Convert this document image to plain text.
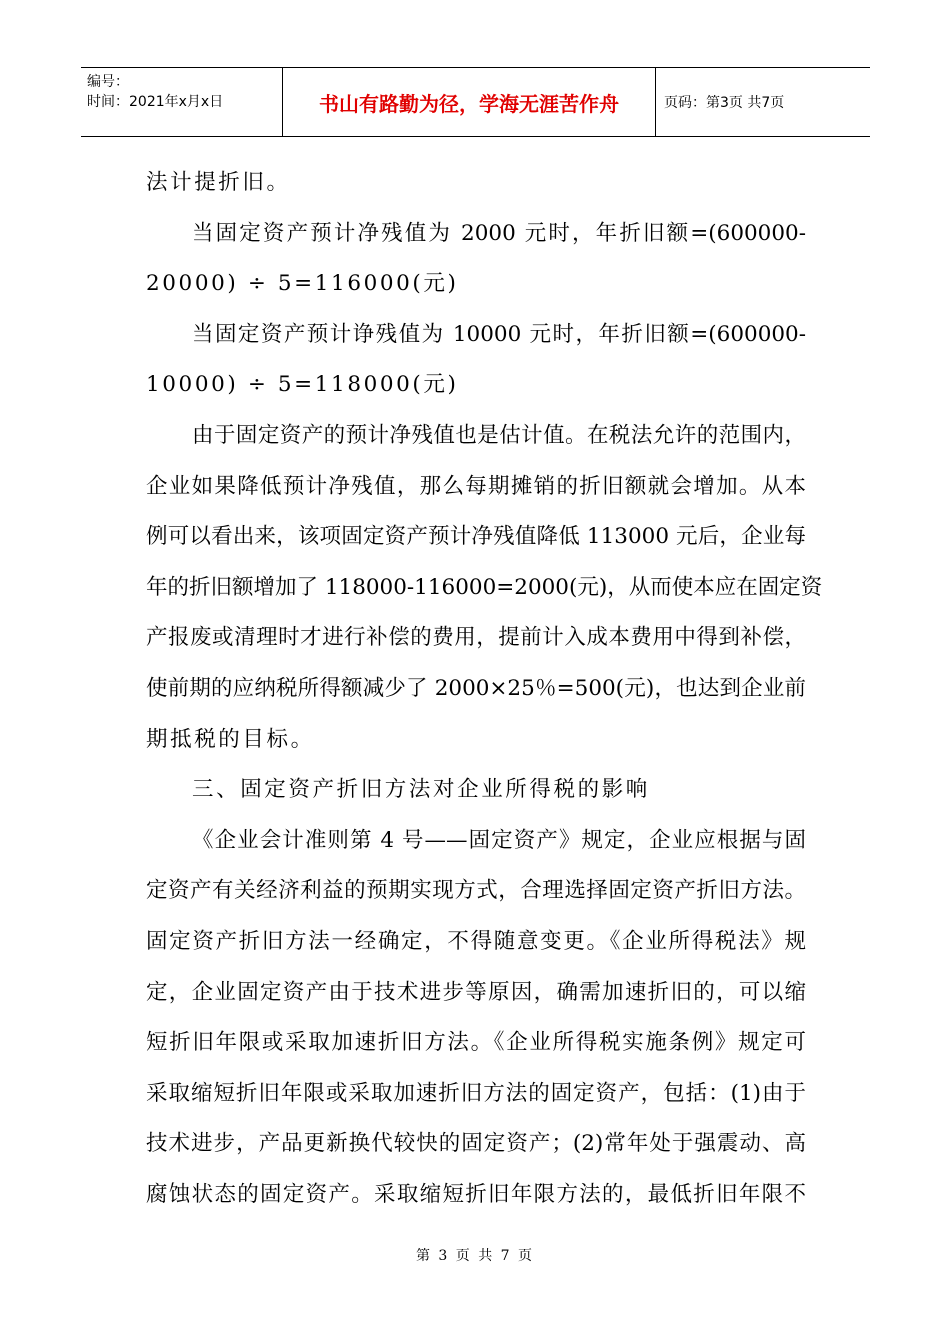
编号：
时间：2021年x月x日	书山有路勤为径，学海无涯苦作舟	页码：第3页 共7页
法计提折旧。
当固定资产预计净残值为 2000 元时，年折旧额=(600000-
20000) ÷ 5=116000(元)
当固定资产预计诤残值为 10000 元时，年折旧额=(600000-
10000) ÷ 5=118000(元)
由于固定资产的预计净残值也是估计值。在税法允许的范围内，
企业如果降低预计净残值，那么每期摊销的折旧额就会增加。从本
例可以看出来，该项固定资产预计净残值降低 113000 元后，企业每
年的折旧额增加了 118000-116000=2000(元)，从而使本应在固定资
产报废或清理时才进行补偿的费用，提前计入成本费用中得到补偿，
使前期的应纳税所得额减少了 2000×25％=500(元)，也达到企业前
期抵税的目标。
三、固定资产折旧方法对企业所得税的影响
《企业会计准则第 4 号——固定资产》规定，企业应根据与固
定资产有关经济利益的预期实现方式，合理选择固定资产折旧方法。
固定资产折旧方法一经确定，不得随意变更。《企业所得税法》规
定，企业固定资产由于技术进步等原因，确需加速折旧的，可以缩
短折旧年限或采取加速折旧方法。《企业所得税实施条例》规定可
采取缩短折旧年限或采取加速折旧方法的固定资产，包括：(1)由于
技术进步，产品更新换代较快的固定资产；(2)常年处于强震动、高
腐蚀状态的固定资产。采取缩短折旧年限方法的，最低折旧年限不
第 3 页 共 7 页
